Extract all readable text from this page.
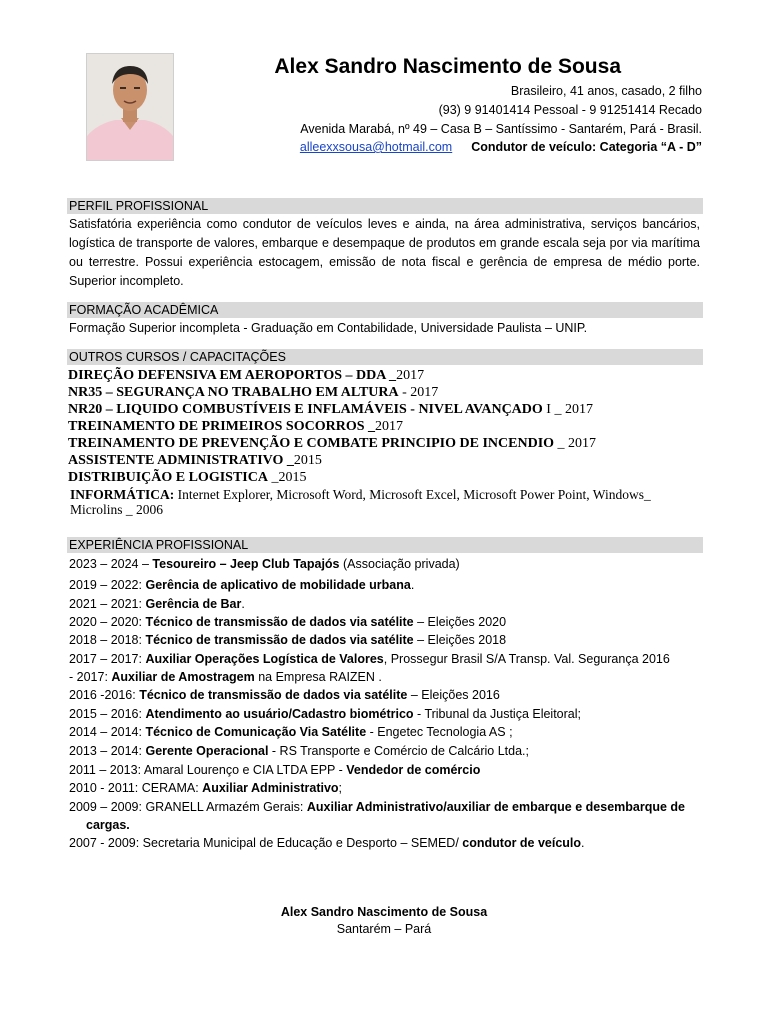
Alex Sandro Nascimento de Sousa
Brasileiro, 41 anos, casado, 2 filho
(93) 9 91401414 Pessoal - 9 91251414 Recado
Avenida Marabá, nº 49 – Casa B – Santíssimo - Santarém, Pará - Brasil.
alleexxsousa@hotmail.com Condutor de veículo: Categoria “A - D”
PERFIL PROFISSIONAL

Satisfatória experiência como condutor de veículos leves e ainda, na área administrativa, serviços bancários, logística de transporte de valores, embarque e desempaque de produtos em grande escala seja por via marítima ou terrestre. Possui experiência estocagem, emissão de nota fiscal e gerência de empresa de médio porte. Superior incompleto.

FORMAÇÃO ACADÊMICA
Formação Superior incompleta - Graduação em Contabilidade, Universidade Paulista – UNIP.
OUTROS CURSOS / CAPACITAÇÕES
DIREÇÃO DEFENSIVA EM AEROPORTOS – DDA _2017
NR35 – SEGURANÇA NO TRABALHO EM ALTURA - 2017
NR20 – LIQUIDO COMBUSTÍVEIS E INFLAMÁVEIS - NIVEL AVANÇADO I _ 2017
TREINAMENTO DE PRIMEIROS SOCORROS _2017
TREINAMENTO DE PREVENÇÃO E COMBATE PRINCIPIO DE INCENDIO _ 2017
ASSISTENTE ADMINISTRATIVO _2015
DISTRIBUIÇÃO E LOGISTICA _2015
INFORMÁTICA: Internet Explorer, Microsoft Word, Microsoft Excel, Microsoft Power Point, Windows_
Microlins _ 2006
EXPERIÊNCIA PROFISSIONAL
2023 – 2024 – Tesoureiro – Jeep Club Tapajós (Associação privada)
2019 – 2022: Gerência de aplicativo de mobilidade urbana.
2021 – 2021: Gerência de Bar.
2020 – 2020: Técnico de transmissão de dados via satélite – Eleições 2020
2018 – 2018: Técnico de transmissão de dados via satélite – Eleições 2018
2017 – 2017: Auxiliar Operações Logística de Valores, Prossegur Brasil S/A Transp. Val. Segurança 2016
- 2017: Auxiliar de Amostragem na Empresa RAIZEN .
2016 -2016: Técnico de transmissão de dados via satélite – Eleições 2016
2015 – 2016: Atendimento ao usuário/Cadastro biométrico - Tribunal da Justiça Eleitoral;
2014 – 2014: Técnico de Comunicação Via Satélite - Engetec Tecnologia AS ;
2013 – 2014: Gerente Operacional - RS Transporte e Comércio de Calcário Ltda.;
2011 – 2013: Amaral Lourenço e CIA LTDA EPP - Vendedor de comércio
2010 - 2011: CERAMA: Auxiliar Administrativo;
2009 – 2009: GRANELL Armazém Gerais: Auxiliar Administrativo/auxiliar de embarque e desembarque de
cargas.
2007 - 2009: Secretaria Municipal de Educação e Desporto – SEMED/ condutor de veículo.
Alex Sandro Nascimento de Sousa
Santarém – Pará
